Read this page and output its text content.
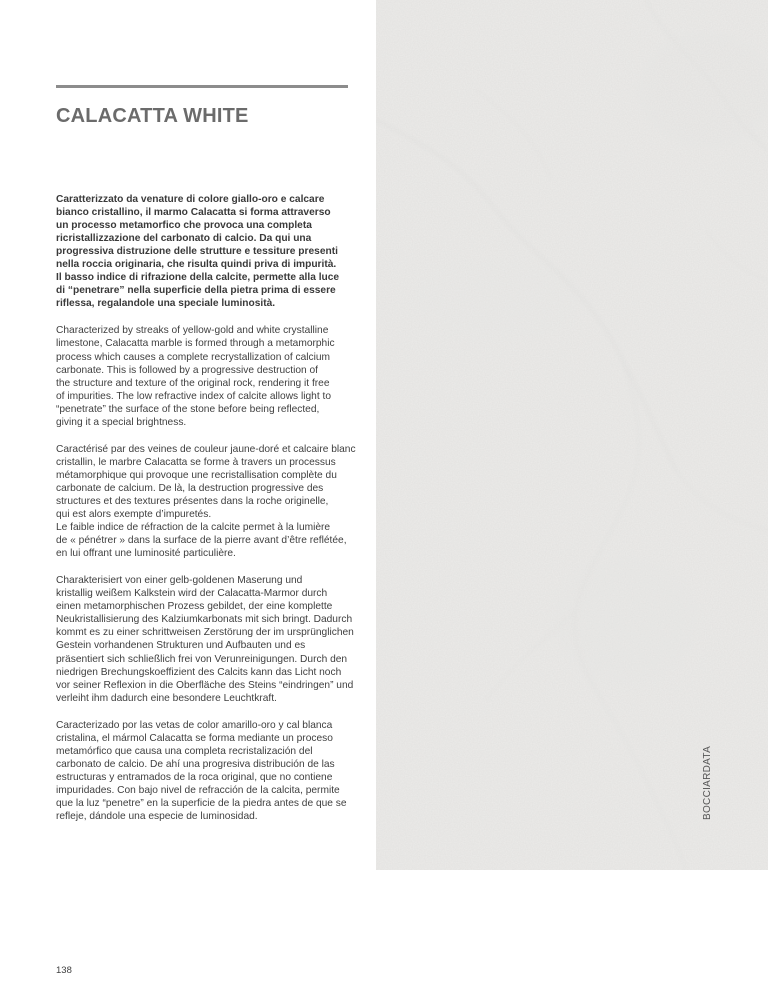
CALACATTA WHITE

Caratterizzato da venature di colore giallo-oro e calcare
bianco cristallino, il marmo Calacatta si forma attraverso
un processo metamorfico che provoca una completa
ricristallizzazione del carbonato di calcio. Da qui una
progressiva distruzione delle strutture e tessiture presenti
nella roccia originaria, che risulta quindi priva di impurità.
Il basso indice di rifrazione della calcite, permette alla luce
di “penetrare” nella superficie della pietra prima di essere
riflessa, regalandole una speciale luminosità.

Characterized by streaks of yellow-gold and white crystalline
limestone, Calacatta marble is formed through a metamorphic
process which causes a complete recrystallization of calcium
carbonate. This is followed by a progressive destruction of
the structure and texture of the original rock, rendering it free
of impurities. The low refractive index of calcite allows light to
“penetrate” the surface of the stone before being reflected,
giving it a special brightness.

Caractérisé par des veines de couleur jaune-doré et calcaire blanc
cristallin, le marbre Calacatta se forme à travers un processus
métamorphique qui provoque une recristallisation complète du
carbonate de calcium. De là, la destruction progressive des
structures et des textures présentes dans la roche originelle,
qui est alors exempte d’impuretés.
Le faible indice de réfraction de la calcite permet à la lumière
de « pénétrer » dans la surface de la pierre avant d’être reflétée,
en lui offrant une luminosité particulière.

Charakterisiert von einer gelb-goldenen Maserung und
kristallig weißem Kalkstein wird der Calacatta-Marmor durch
einen metamorphischen Prozess gebildet, der eine komplette
Neukristallisierung des Kalziumkarbonats mit sich bringt. Dadurch
kommt es zu einer schrittweisen Zerstörung der im ursprünglichen
Gestein vorhandenen Strukturen und Aufbauten und es
präsentiert sich schließlich frei von Verunreinigungen. Durch den
niedrigen Brechungskoeffizient des Calcits kann das Licht noch
vor seiner Reflexion in die Oberfläche des Steins “eindringen” und
verleiht ihm dadurch eine besondere Leuchtkraft.

Caracterizado por las vetas de color amarillo-oro y cal blanca
cristalina, el mármol Calacatta se forma mediante un proceso
metamórfico que causa una completa recristalización del
carbonato de calcio. De ahí una progresiva distribución de las
estructuras y entramados de la roca original, que no contiene
impuridades. Con bajo nivel de refracción de la calcita, permite
que la luz “penetre” en la superficie de la piedra antes de que se
refleje, dándole una especie de luminosidad.

138
BOCCIARDATA
